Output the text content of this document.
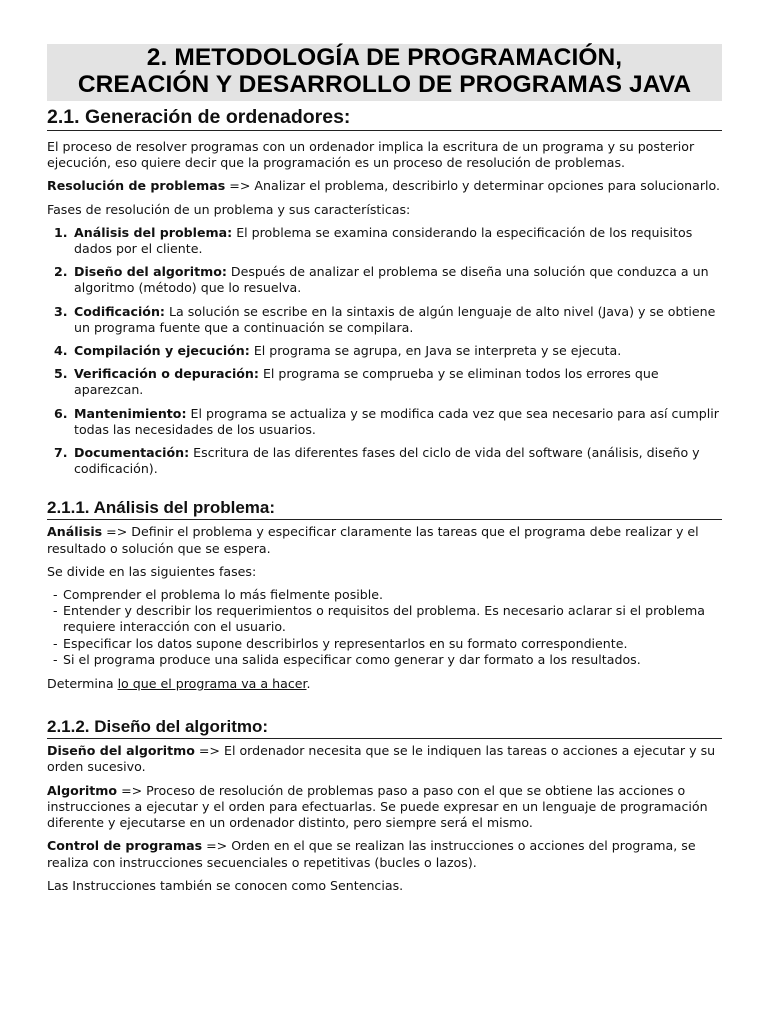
2. METODOLOGÍA DE PROGRAMACIÓN,
CREACIÓN Y DESARROLLO DE PROGRAMAS JAVA
2.1. Generación de ordenadores:

El proceso de resolver programas con un ordenador implica la escritura de un programa y su posterior ejecución, eso quiere decir que la programación es un proceso de resolución de problemas.

Resolución de problemas => Analizar el problema, describirlo y determinar opciones para solucionarlo.

Fases de resolución de un problema y sus características:

1. Análisis del problema: El problema se examina considerando la especificación de los requisitos dados por el cliente.
2. Diseño del algoritmo: Después de analizar el problema se diseña una solución que conduzca a un algoritmo (método) que lo resuelva.
3. Codificación: La solución se escribe en la sintaxis de algún lenguaje de alto nivel (Java) y se obtiene un programa fuente que a continuación se compilara.
4. Compilación y ejecución: El programa se agrupa, en Java se interpreta y se ejecuta.
5. Verificación o depuración: El programa se comprueba y se eliminan todos los errores que aparezcan.
6. Mantenimiento: El programa se actualiza y se modifica cada vez que sea necesario para así cumplir todas las necesidades de los usuarios.
7. Documentación: Escritura de las diferentes fases del ciclo de vida del software (análisis, diseño y codificación).
2.1.1. Análisis del problema:

Análisis => Definir el problema y especificar claramente las tareas que el programa debe realizar y el resultado o solución que se espera.

Se divide en las siguientes fases:

- Comprender el problema lo más fielmente posible.
- Entender y describir los requerimientos o requisitos del problema. Es necesario aclarar si el problema requiere interacción con el usuario.
- Especificar los datos supone describirlos y representarlos en su formato correspondiente.
- Si el programa produce una salida especificar como generar y dar formato a los resultados.

Determina lo que el programa va a hacer.

2.1.2. Diseño del algoritmo:

Diseño del algoritmo => El ordenador necesita que se le indiquen las tareas o acciones a ejecutar y su orden sucesivo.

Algoritmo => Proceso de resolución de problemas paso a paso con el que se obtiene las acciones o instrucciones a ejecutar y el orden para efectuarlas. Se puede expresar en un lenguaje de programación diferente y ejecutarse en un ordenador distinto, pero siempre será el mismo.

Control de programas => Orden en el que se realizan las instrucciones o acciones del programa, se realiza con instrucciones secuenciales o repetitivas (bucles o lazos).

Las Instrucciones también se conocen como Sentencias.
